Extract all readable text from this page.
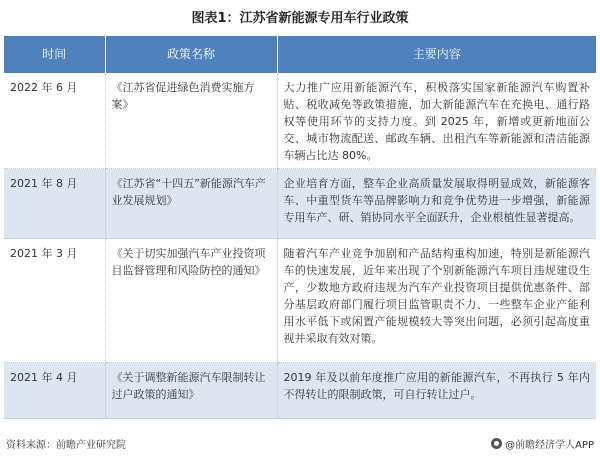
图表1：江苏省新能源专用车行业政策
时间	政策名称	主要内容
2022 年 6 月	《江苏省促进绿色消费实施方案》	大力推广应用新能源汽车，积极落实国家新能源汽车购置补贴、税收减免等政策措施，加大新能源汽车在充换电、通行路权等使用环节的支持力度。到 2025 年，新增或更新地面公交、城市物流配送、邮政车辆、出租汽车等新能源和清洁能源车辆占比达 80%。
2021 年 8 月	《江苏省“十四五”新能源汽车产业发展规划》	企业培育方面，整车企业高质量发展取得明显成效，新能源客车、中重型货车等品牌影响力和竞争优势进一步增强，新能源专用车产、研、销协同水平全面跃升，企业根植性显著提高。
2021 年 3 月	《关于切实加强汽车产业投资项目监督管理和风险防控的通知》	随着汽车产业竞争加剧和产品结构重构加速，特别是新能源汽车的快速发展，近年来出现了个别新能源汽车项目违规建设生产，少数地方政府违规为汽车产业投资项目提供优惠条件、部分基层政府部门履行项目监管职责不力、一些整车企业产能利用水平低下或闲置产能规模较大等突出问题，必须引起高度重视并采取有效对策。
2021 年 4 月	《关于调整新能源汽车限制转让过户政策的通知》	2019 年及以前年度推广应用的新能源汽车，不再执行 5 年内不得转让的限制政策，可自行转让过户。
资料来源：前瞻产业研究院	@前瞻经济学人APP
